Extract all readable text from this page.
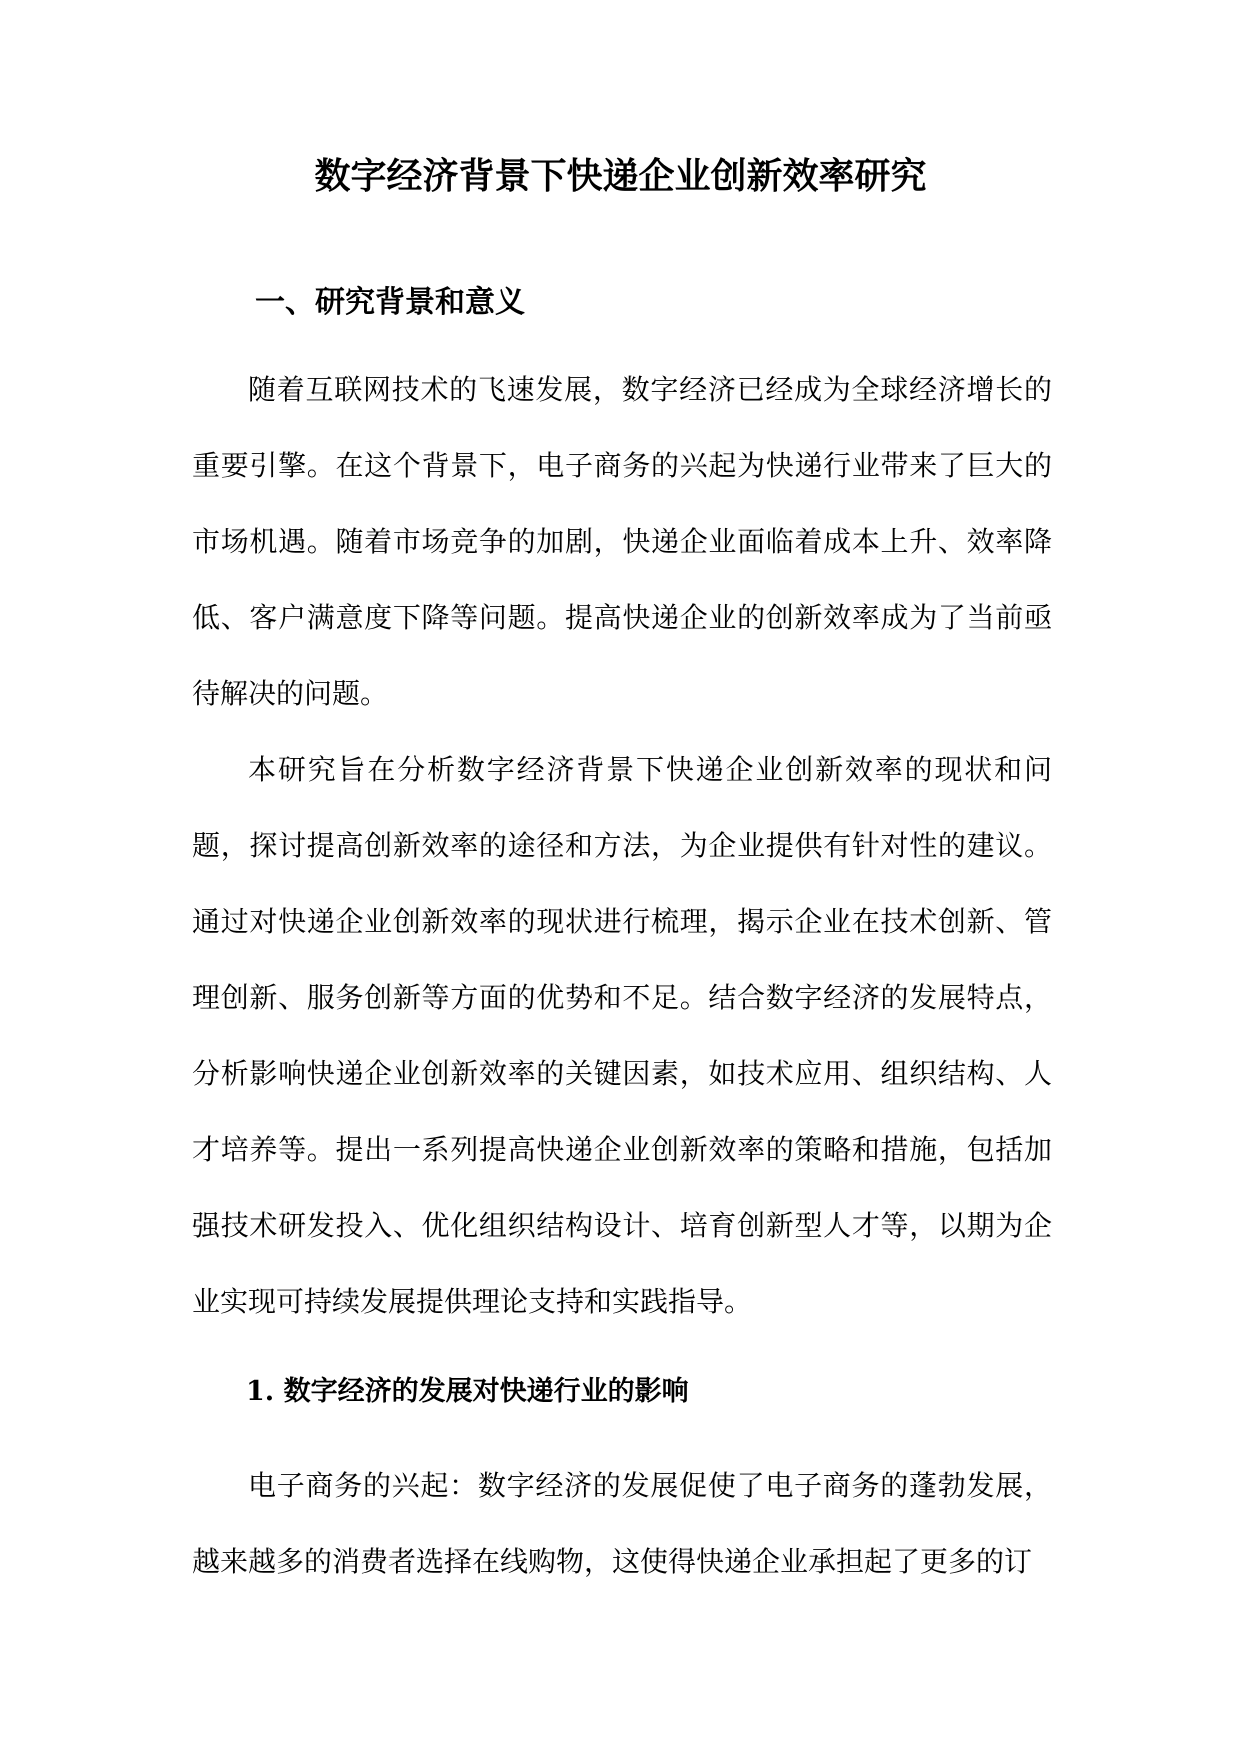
数字经济背景下快递企业创新效率研究
一、研究背景和意义

随着互联网技术的飞速发展，数字经济已经成为全球经济增长的重要引擎。在这个背景下，电子商务的兴起为快递行业带来了巨大的市场机遇。随着市场竞争的加剧，快递企业面临着成本上升、效率降低、客户满意度下降等问题。提高快递企业的创新效率成为了当前亟待解决的问题。

本研究旨在分析数字经济背景下快递企业创新效率的现状和问题，探讨提高创新效率的途径和方法，为企业提供有针对性的建议。通过对快递企业创新效率的现状进行梳理，揭示企业在技术创新、管理创新、服务创新等方面的优势和不足。结合数字经济的发展特点，分析影响快递企业创新效率的关键因素，如技术应用、组织结构、人才培养等。提出一系列提高快递企业创新效率的策略和措施，包括加强技术研发投入、优化组织结构设计、培育创新型人才等，以期为企业实现可持续发展提供理论支持和实践指导。

1. 数字经济的发展对快递行业的影响

电子商务的兴起：数字经济的发展促使了电子商务的蓬勃发展，越来越多的消费者选择在线购物，这使得快递企业承担起了更多的订
